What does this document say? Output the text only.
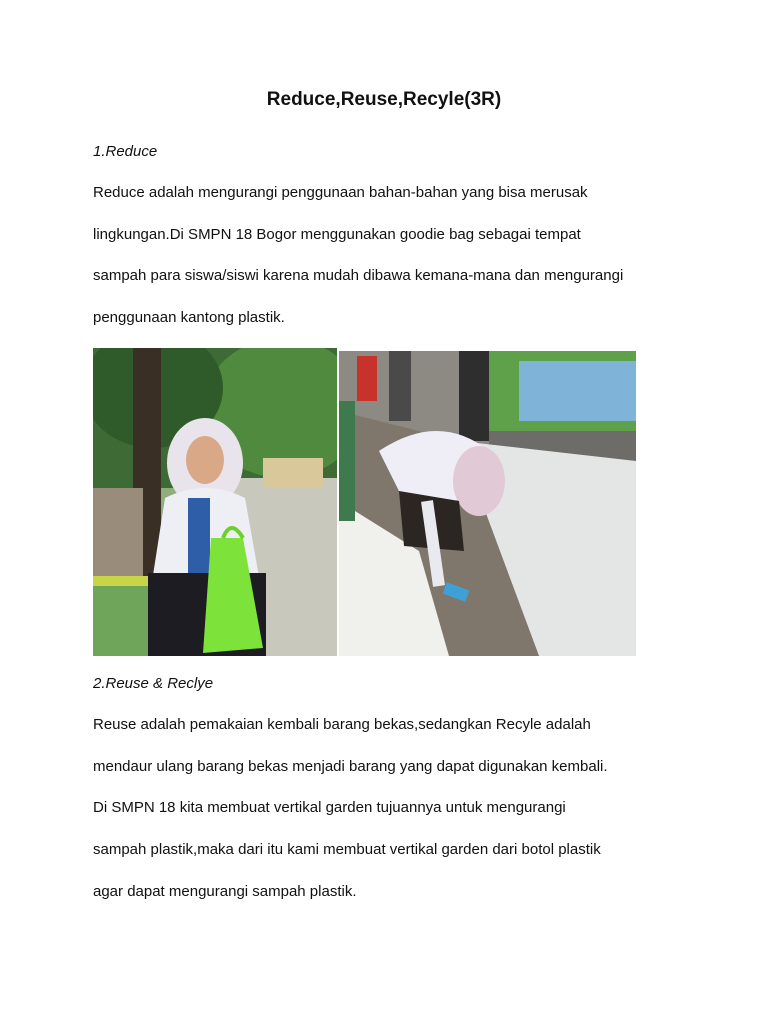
Reduce,Reuse,Recyle(3R)
1.Reduce
Reduce adalah mengurangi penggunaan bahan-bahan yang bisa merusak
lingkungan.Di SMPN 18 Bogor menggunakan goodie bag sebagai tempat
sampah para siswa/siswi karena mudah dibawa kemana-mana dan mengurangi
penggunaan kantong plastik.
2.Reuse & Reclye
Reuse adalah pemakaian kembali barang bekas,sedangkan Recyle adalah
mendaur ulang barang bekas menjadi barang yang dapat digunakan kembali.
Di SMPN 18 kita membuat vertikal garden tujuannya untuk mengurangi
sampah plastik,maka dari itu kami membuat vertikal garden dari botol plastik
agar dapat mengurangi sampah plastik.
